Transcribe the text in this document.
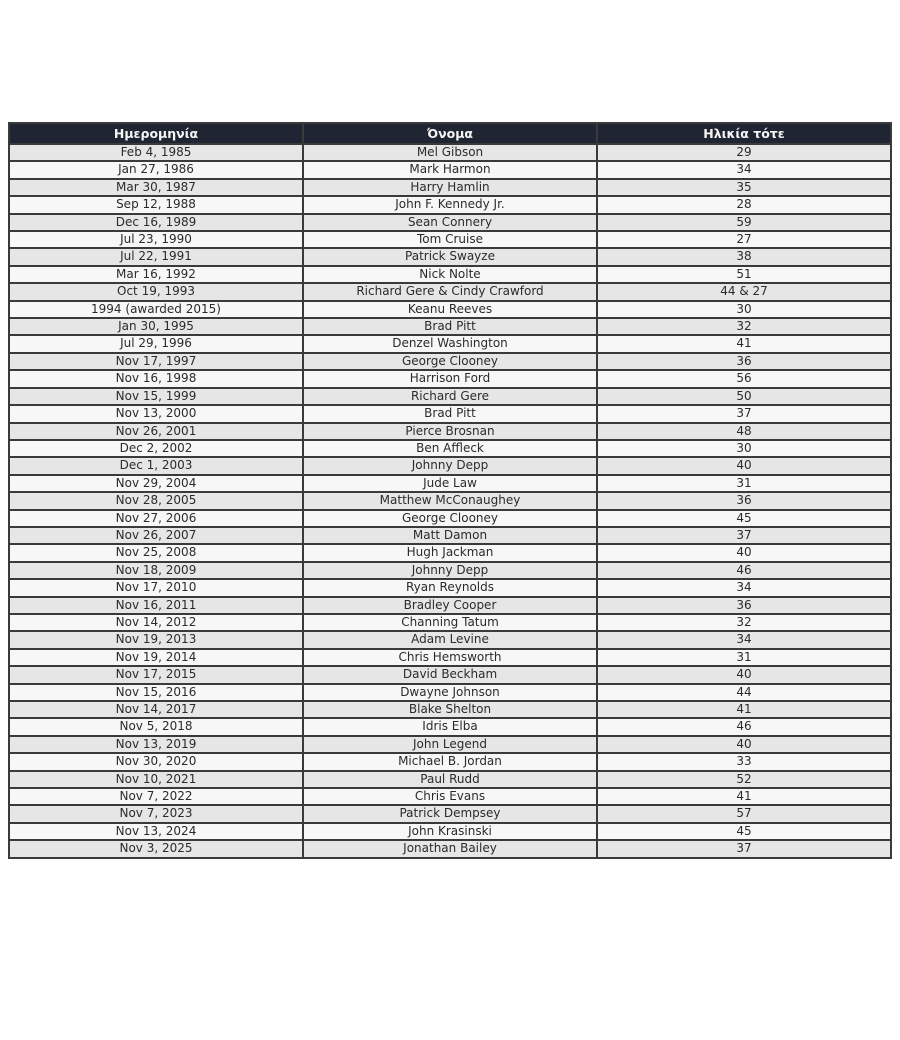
Ημερομηνία	Όνομα	Ηλικία τότε
Feb 4, 1985	Mel Gibson	29
Jan 27, 1986	Mark Harmon	34
Mar 30, 1987	Harry Hamlin	35
Sep 12, 1988	John F. Kennedy Jr.	28
Dec 16, 1989	Sean Connery	59
Jul 23, 1990	Tom Cruise	27
Jul 22, 1991	Patrick Swayze	38
Mar 16, 1992	Nick Nolte	51
Oct 19, 1993	Richard Gere & Cindy Crawford	44 & 27
1994 (awarded 2015)	Keanu Reeves	30
Jan 30, 1995	Brad Pitt	32
Jul 29, 1996	Denzel Washington	41
Nov 17, 1997	George Clooney	36
Nov 16, 1998	Harrison Ford	56
Nov 15, 1999	Richard Gere	50
Nov 13, 2000	Brad Pitt	37
Nov 26, 2001	Pierce Brosnan	48
Dec 2, 2002	Ben Affleck	30
Dec 1, 2003	Johnny Depp	40
Nov 29, 2004	Jude Law	31
Nov 28, 2005	Matthew McConaughey	36
Nov 27, 2006	George Clooney	45
Nov 26, 2007	Matt Damon	37
Nov 25, 2008	Hugh Jackman	40
Nov 18, 2009	Johnny Depp	46
Nov 17, 2010	Ryan Reynolds	34
Nov 16, 2011	Bradley Cooper	36
Nov 14, 2012	Channing Tatum	32
Nov 19, 2013	Adam Levine	34
Nov 19, 2014	Chris Hemsworth	31
Nov 17, 2015	David Beckham	40
Nov 15, 2016	Dwayne Johnson	44
Nov 14, 2017	Blake Shelton	41
Nov 5, 2018	Idris Elba	46
Nov 13, 2019	John Legend	40
Nov 30, 2020	Michael B. Jordan	33
Nov 10, 2021	Paul Rudd	52
Nov 7, 2022	Chris Evans	41
Nov 7, 2023	Patrick Dempsey	57
Nov 13, 2024	John Krasinski	45
Nov 3, 2025	Jonathan Bailey	37
